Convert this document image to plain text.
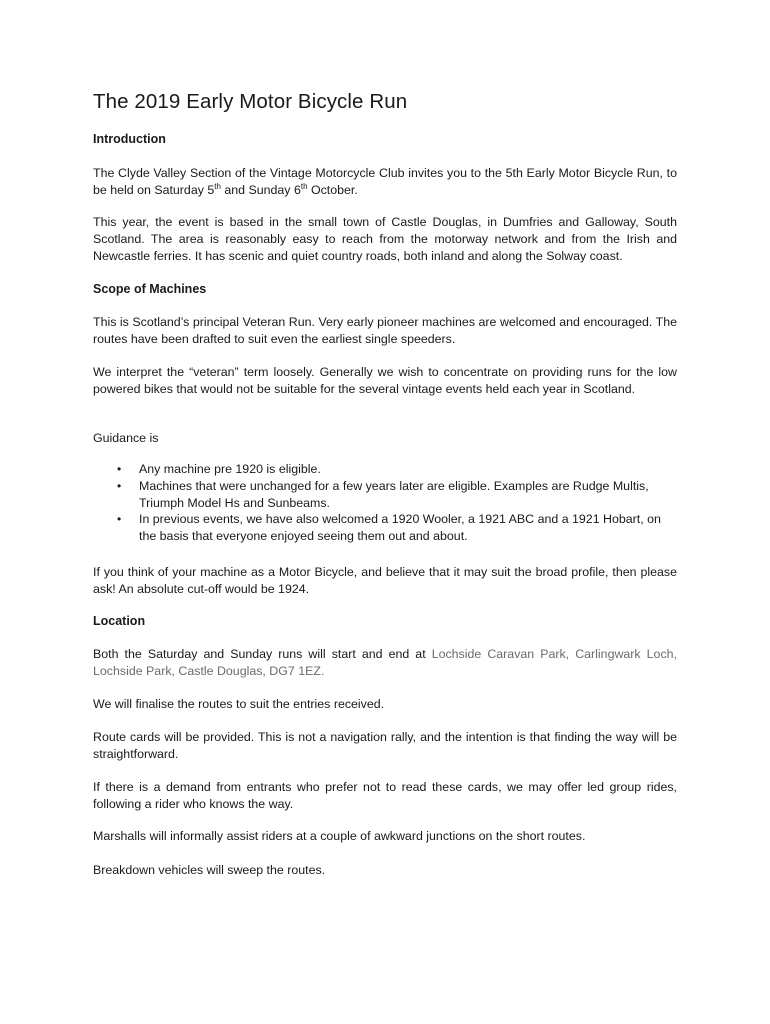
The 2019 Early Motor Bicycle Run
Introduction

The Clyde Valley Section of the Vintage Motorcycle Club invites you to the 5th Early Motor Bicycle Run, to be held on Saturday 5th and Sunday 6th October.

This year, the event is based in the small town of Castle Douglas, in Dumfries and Galloway, South Scotland. The area is reasonably easy to reach from the motorway network and from the Irish and Newcastle ferries. It has scenic and quiet country roads, both inland and along the Solway coast.

Scope of Machines

This is Scotland’s principal Veteran Run. Very early pioneer machines are welcomed and encouraged. The routes have been drafted to suit even the earliest single speeders.

We interpret the “veteran” term loosely. Generally we wish to concentrate on providing runs for the low powered bikes that would not be suitable for the several vintage events held each year in Scotland.

Guidance is

• Any machine pre 1920 is eligible.
• Machines that were unchanged for a few years later are eligible. Examples are Rudge Multis, Triumph Model Hs and Sunbeams.
• In previous events, we have also welcomed a 1920 Wooler, a 1921 ABC and a 1921 Hobart, on the basis that everyone enjoyed seeing them out and about.

If you think of your machine as a Motor Bicycle, and believe that it may suit the broad profile, then please ask! An absolute cut-off would be 1924.

Location

Both the Saturday and Sunday runs will start and end at Lochside Caravan Park, Carlingwark Loch, Lochside Park, Castle Douglas, DG7 1EZ.

We will finalise the routes to suit the entries received.

Route cards will be provided. This is not a navigation rally, and the intention is that finding the way will be straightforward.

If there is a demand from entrants who prefer not to read these cards, we may offer led group rides, following a rider who knows the way.

Marshalls will informally assist riders at a couple of awkward junctions on the short routes.

Breakdown vehicles will sweep the routes.
